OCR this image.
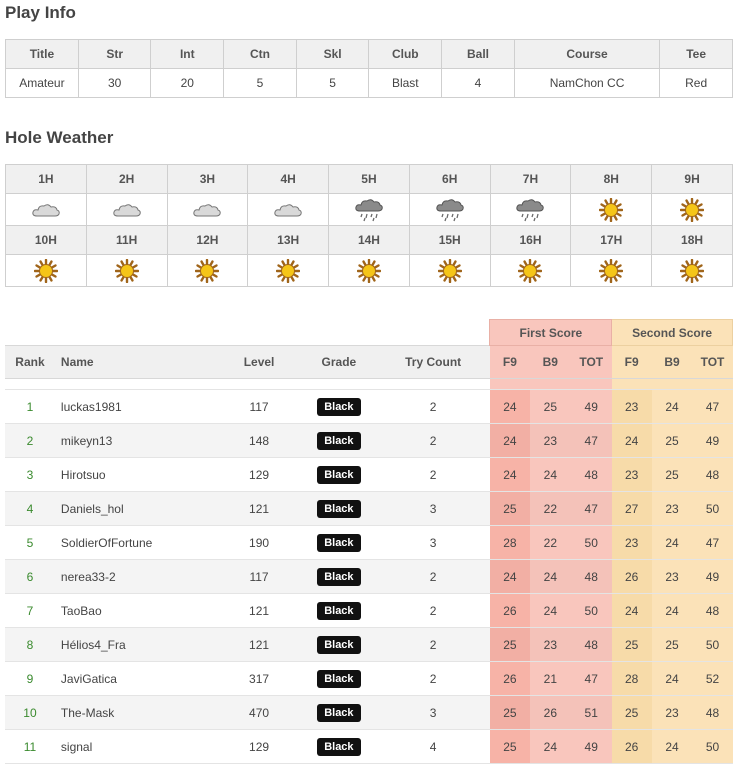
Play Info
Title	Str	Int	Ctn	Skl	Club	Ball	Course	Tee
Amateur	30	20	5	5	Blast	4	NamChon CC	Red
Hole Weather
1H	2H	3H	4H	5H	6H	7H	8H	9H

10H	11H	12H	13H	14H	15H	16H	17H	18H

					First Score			Second Score		
Rank	Name	Level	Grade	Try Count	F9	B9	TOT	F9	B9	TOT

1	luckas1981	117	Black	2	24	25	49	23	24	47
2	mikeyn13	148	Black	2	24	23	47	24	25	49
3	Hirotsuo	129	Black	2	24	24	48	23	25	48
4	Daniels_hol	121	Black	3	25	22	47	27	23	50
5	SoldierOfFortune	190	Black	3	28	22	50	23	24	47
6	nerea33-2	117	Black	2	24	24	48	26	23	49
7	TaoBao	121	Black	2	26	24	50	24	24	48
8	Hélios4_Fra	121	Black	2	25	23	48	25	25	50
9	JaviGatica	317	Black	2	26	21	47	28	24	52
10	The-Mask	470	Black	3	25	26	51	25	23	48
11	signal	129	Black	4	25	24	49	26	24	50
